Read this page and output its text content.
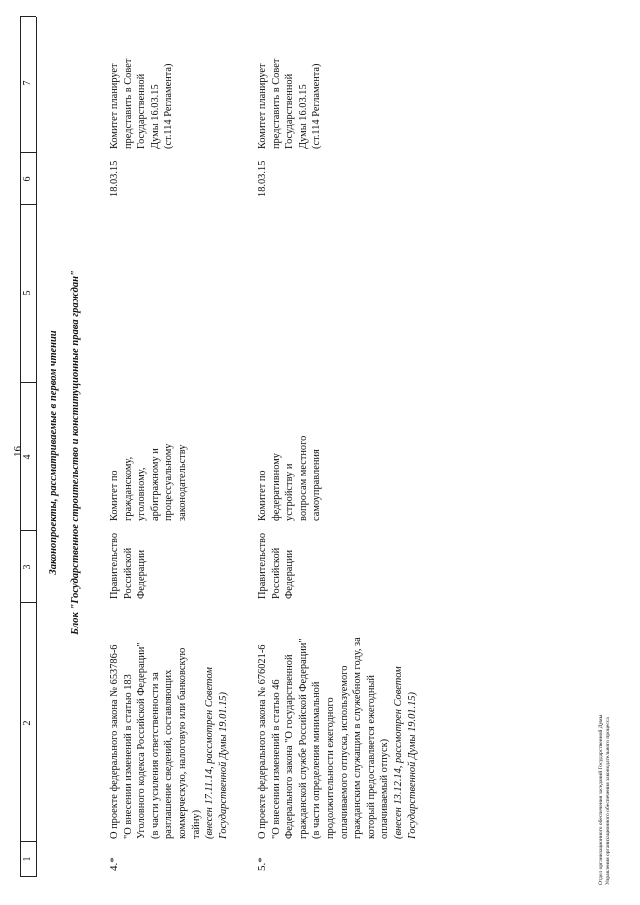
16
1
2
3
4
5
6
7
Законопроекты, рассматриваемые в первом чтении Блок "Государственное строительство и конституционные права граждан"
4.*
О проекте федерального закона № 653786-6 "О внесении изменений в статью 183 Уголовного кодекса Российской Федерации" (в части усиления ответственности за разглашение сведений, составляющих коммерческую, налоговую или банковскую тайну) (внесен 17.11.14, рассмотрен Советом Государственной Думы 19.01.15)
Правительство Российской Федерации
Комитет по гражданскому, уголовному, арбитражному и процессуальному законодательству
18.03.15
Комитет планирует представить в Совет Государственной Думы 16.03.15 (ст.114 Регламента)
5.*
О проекте федерального закона № 676021-6 "О внесении изменений в статью 46 Федерального закона "О государственной гражданской службе Российской Федерации" (в части определения минимальной продолжительности ежегодного оплачиваемого отпуска, используемого гражданским служащим в служебном году, за который предоставляется ежегодный оплачиваемый отпуск) (внесен 13.12.14, рассмотрен Советом Государственной Думы 19.01.15)
Правительство Российской Федерации
Комитет по федеративному устройству и вопросам местного самоуправления
18.03.15
Комитет планирует представить в Совет Государственной Думы 16.03.15 (ст.114 Регламента)
Отдел организационного обеспечения заседаний Государственной Думы Управления организационного обеспечения законодательного процесса
